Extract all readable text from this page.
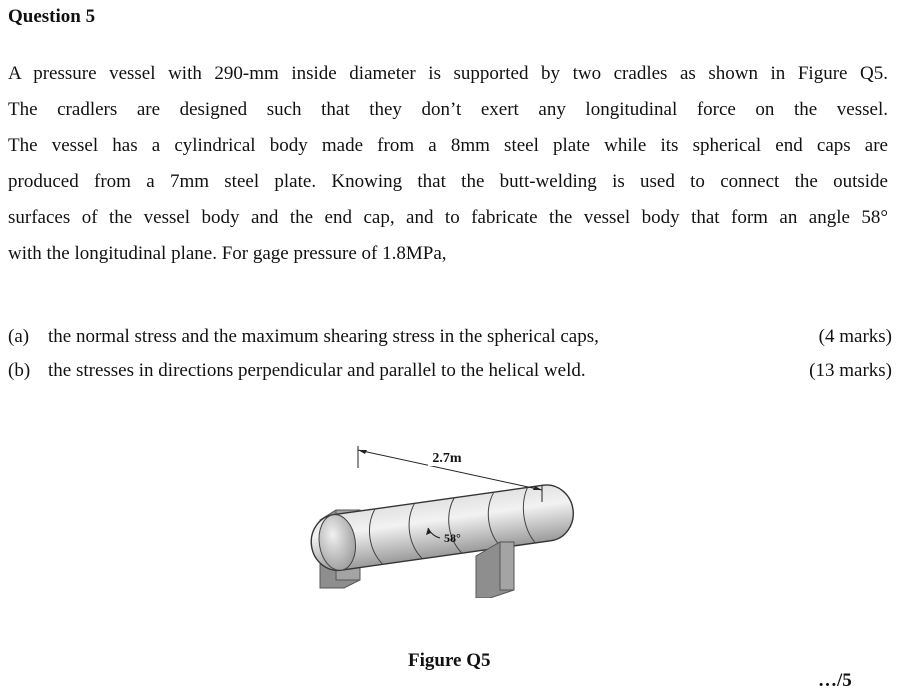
Question 5
A pressure vessel with 290-mm inside diameter is supported by two cradles as shown in Figure Q5.
The cradlers are designed such that they don’t exert any longitudinal force on the vessel.
The vessel has a cylindrical body made from a 8mm steel plate while its spherical end caps are
produced from a 7mm steel plate. Knowing that the butt-welding is used to connect the outside
surfaces of the vessel body and the end cap, and to fabricate the vessel body that form an angle 58°
with the longitudinal plane. For gage pressure of 1.8MPa,
(a) the normal stress and the maximum shearing stress in the spherical caps,	(4 marks)
(b) the stresses in directions perpendicular and parallel to the helical weld.	(13 marks)
2.7m
58°
Figure Q5
…/5
